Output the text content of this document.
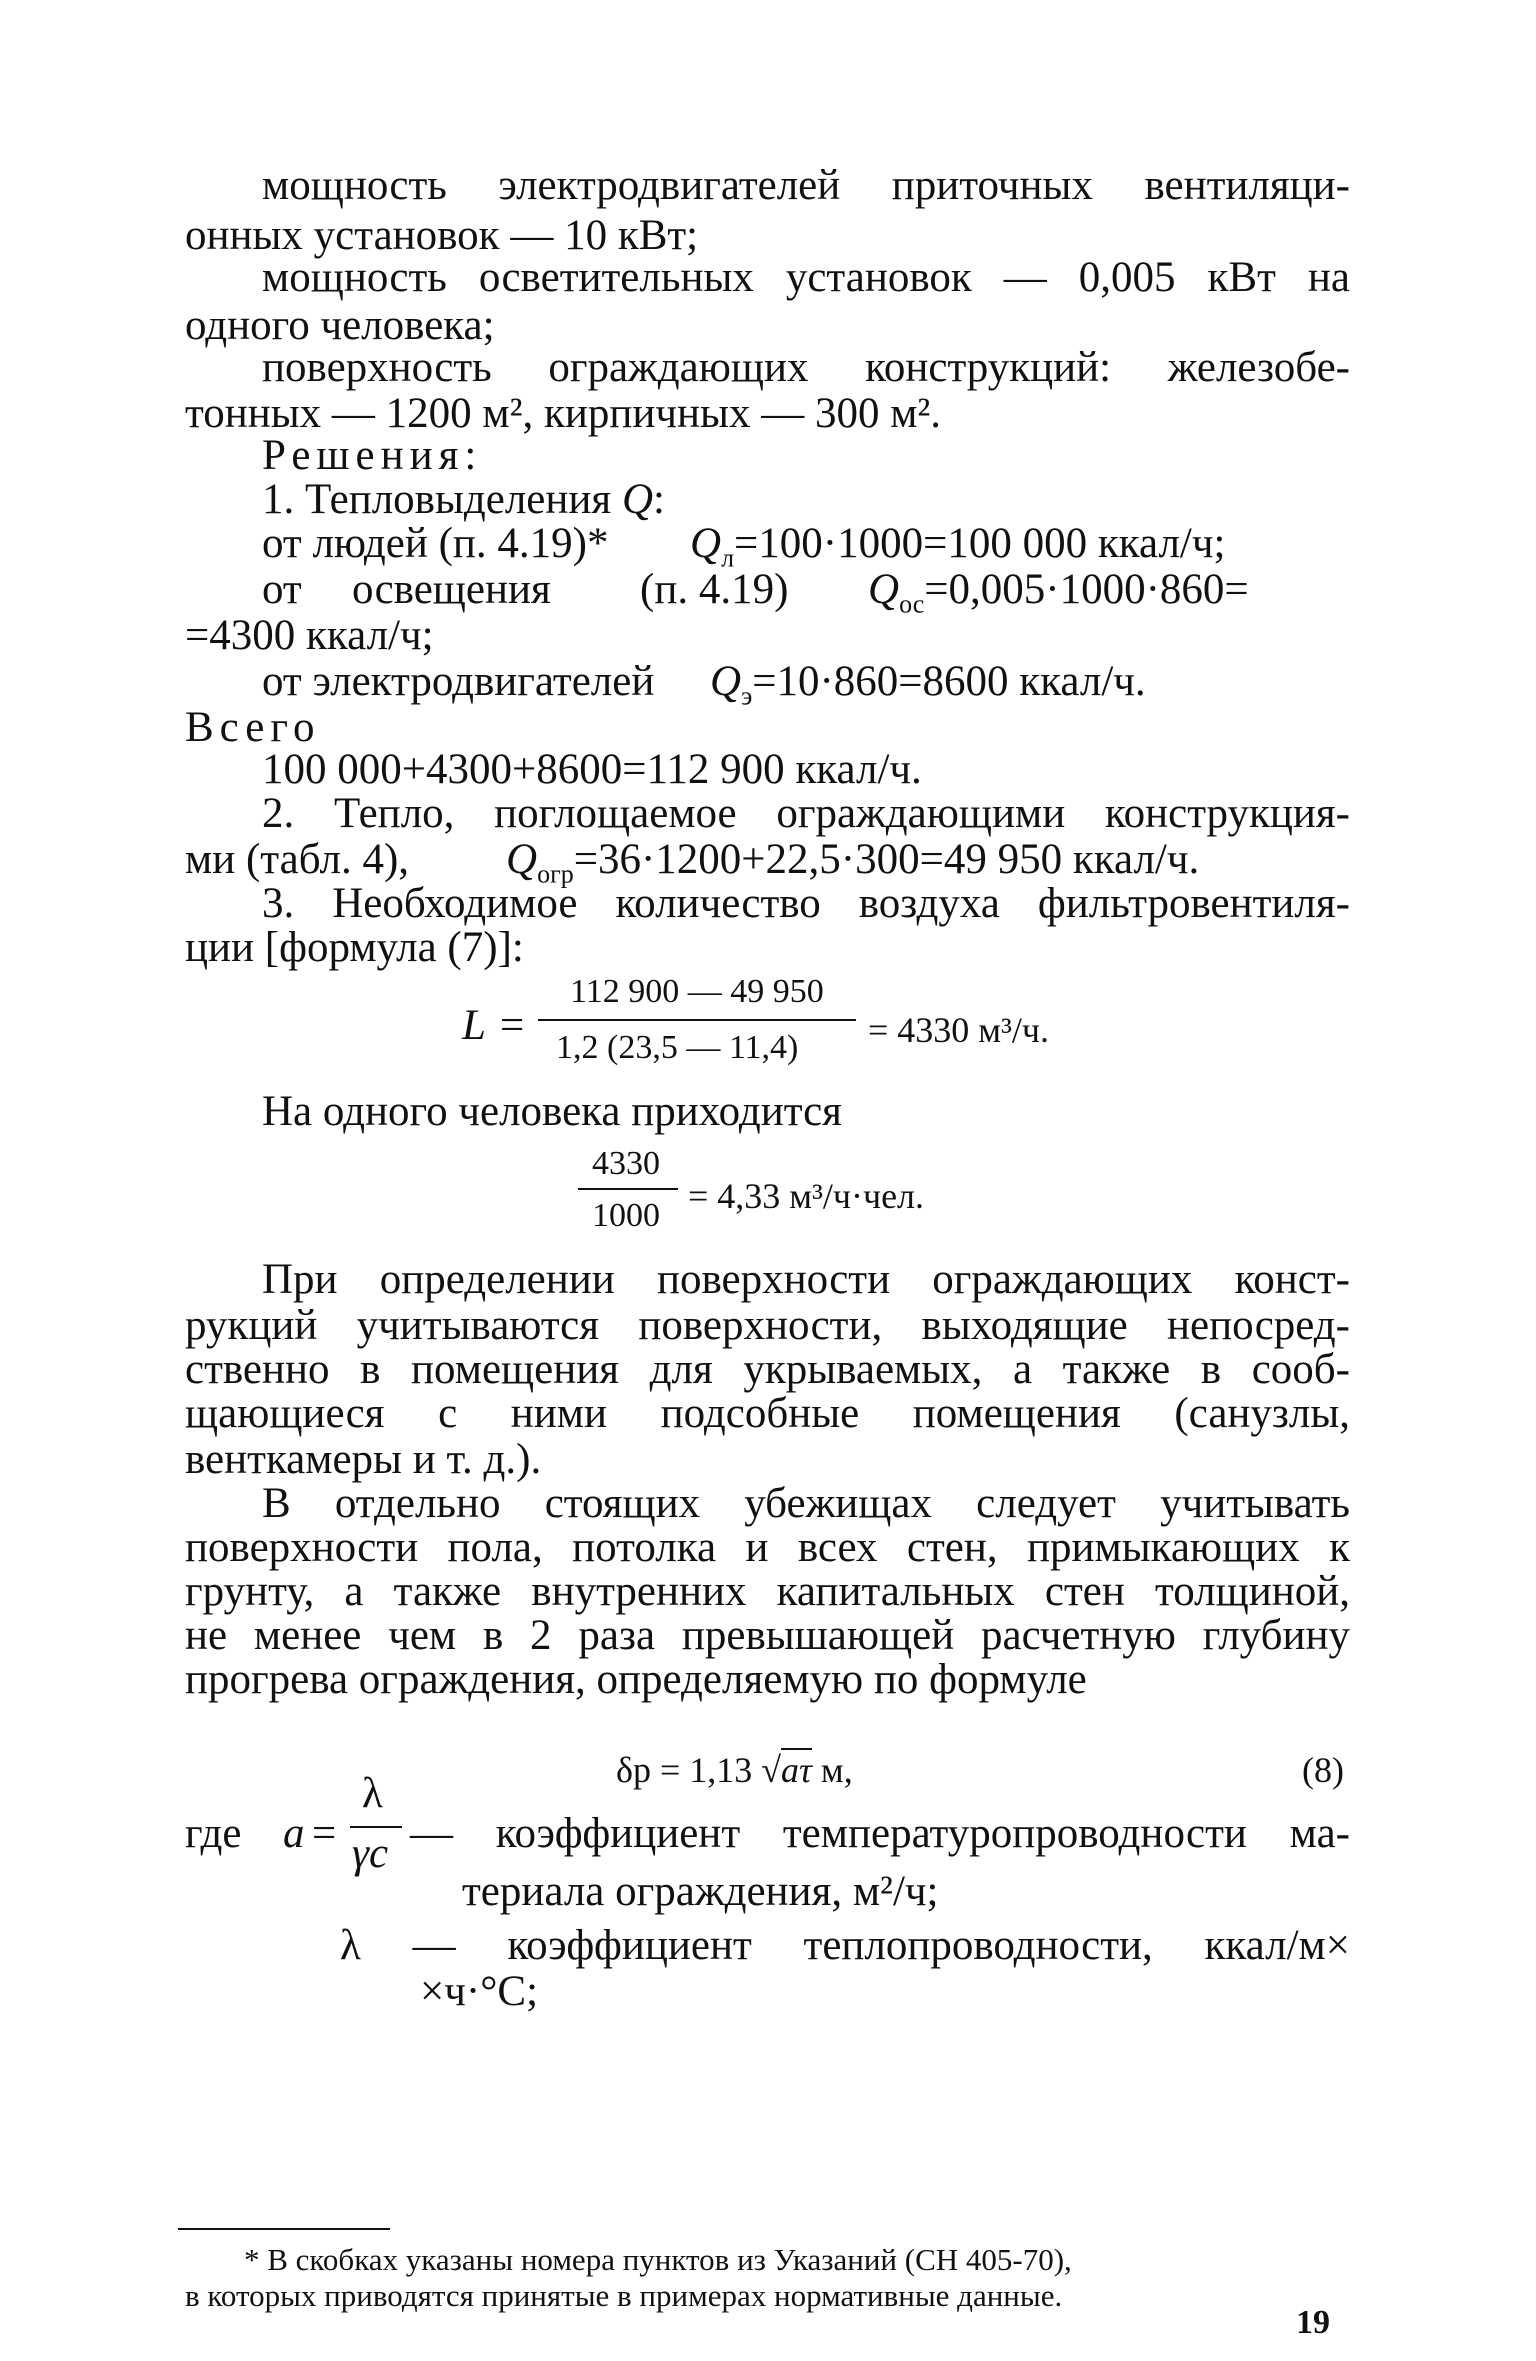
мощность электродвигателей приточных вентиляци-

онных установок — 10 кВт;

мощность осветительных установок — 0,005 кВт на

одного человека;

поверхность ограждающих конструкций: железобе-

тонных — 1200 м², кирпичных — 300 м².

Решения:

1. Тепловыделения Q:

от людей (п. 4.19)* $Q_л=100\cdot 1000=100$ 000 ккал/ч;
от освещения (п. 4.19) $Q_{ос}=0,005\cdot 1000\cdot 860=$
=4300 ккал/ч;
от электродвигателей $Q_э=10\cdot 860=8600$ ккал/ч.

Всего

100 000+4300+8600=112 900 ккал/ч.

2. Тепло, поглощаемое ограждающими конструкция-

ми (табл. 4), $Q_{огр}=36\cdot 1200+22,5\cdot 300=49$ 950 ккал/ч.

3. Необходимое количество воздуха фильтровентиля-

ции [формула (7)]:

L =
112 900 — 49 950
1,2 (23,5 — 11,4) = 4330 м³/ч.

На одного человека приходится

4330
1000 = 4,33 м³/ч·чел.

При определении поверхности ограждающих конст-

рукций учитываются поверхности, выходящие непосред-

ственно в помещения для укрываемых, а также в сооб-

щающиеся с ними подсобные помещения (санузлы,

венткамеры и т. д.).

В отдельно стоящих убежищах следует учитывать

поверхности пола, потолка и всех стен, примыкающих к

грунту, а также внутренних капитальных стен толщиной,

не менее чем в 2 раза превышающей расчетную глубину

прогрева ограждения, определяемую по формуле

δр = 1,13 √aτ м,	(8)
где a =
λ
γc — коэффициент температуропроводности ма-
териала ограждения, м²/ч;
λ — коэффициент теплопроводности, ккал/м×
×ч·°С;
* В скобках указаны номера пунктов из Указаний (СН 405-70),
в которых приводятся принятые в примерах нормативные данные.
19
